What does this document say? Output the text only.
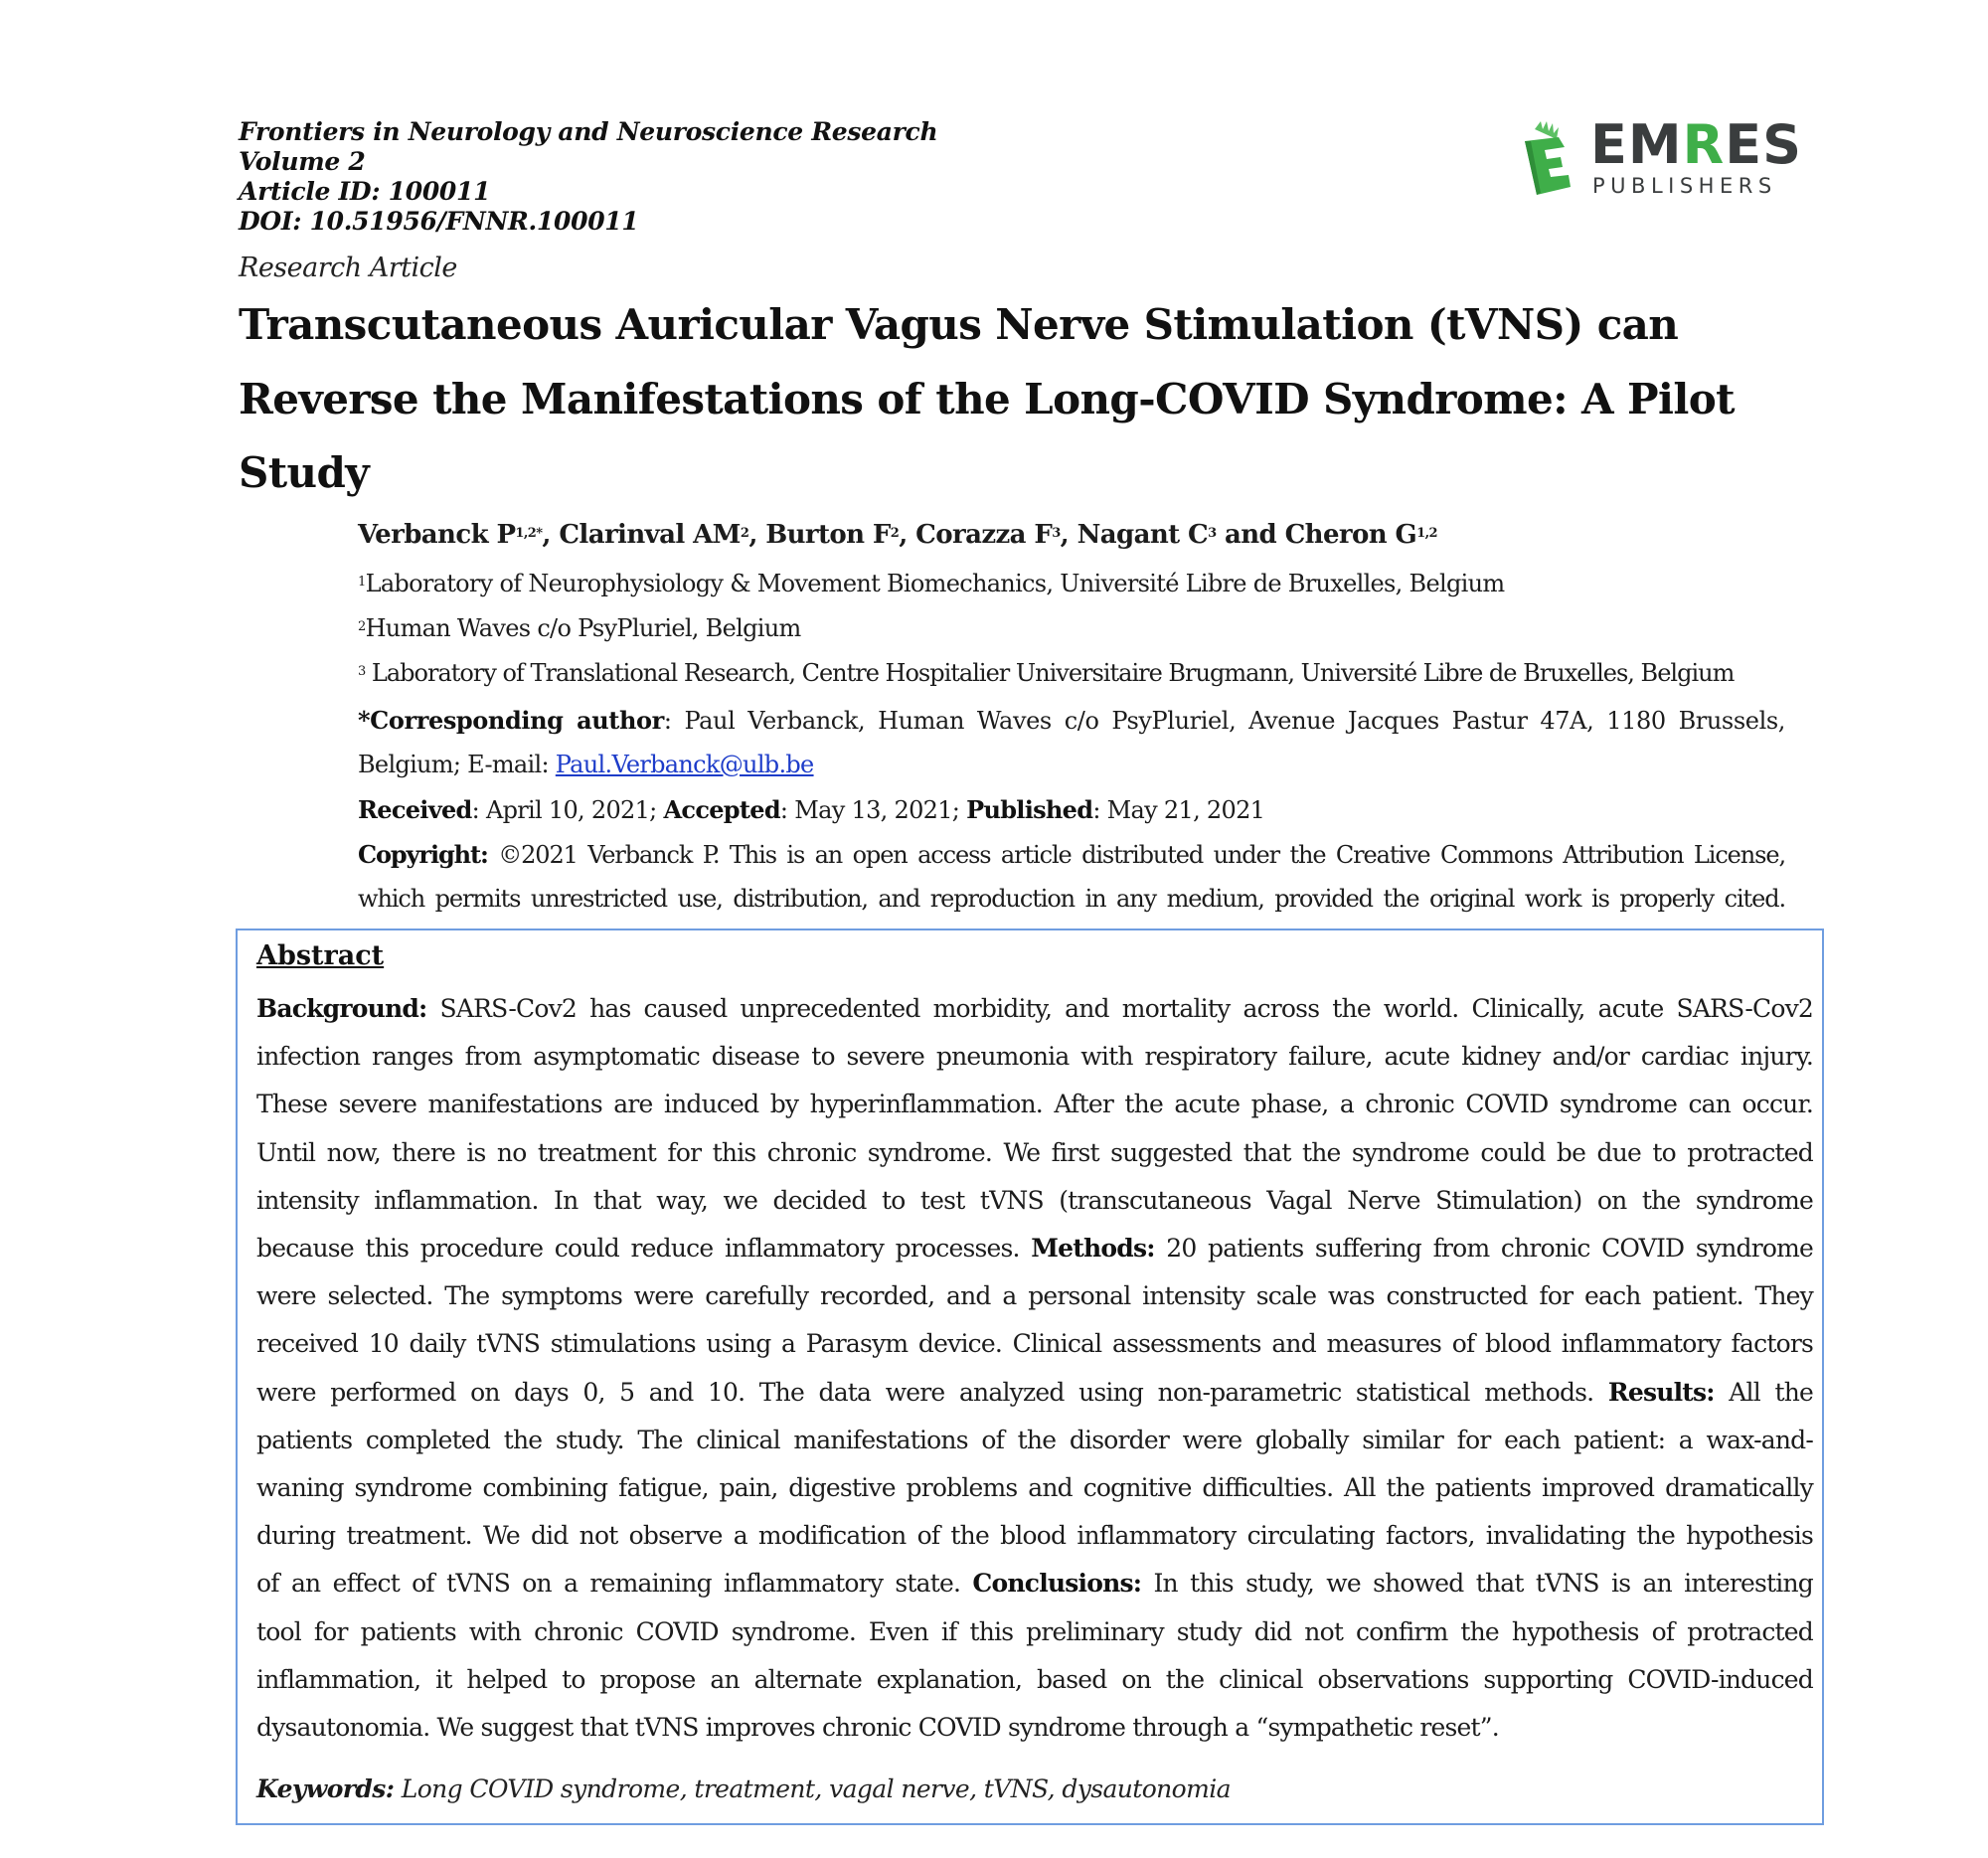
Frontiers in Neurology and Neuroscience Research
Volume 2
Article ID: 100011
DOI: 10.51956/FNNR.100011
Research Article
EMRES
PUBLISHERS
Transcutaneous Auricular Vagus Nerve Stimulation (tVNS) can
Reverse the Manifestations of the Long-COVID Syndrome: A Pilot
Study
Verbanck $P^{1,2*}$, Clarinval $AM^2$, Burton $F^2$, Corazza $F^3$, Nagant $C^3$ and Cheron G$^{1,2}$
$^1$Laboratory of Neurophysiology & Movement Biomechanics, Université Libre de Bruxelles, Belgium
$^2$Human Waves c/o PsyPluriel, Belgium
$^3$ Laboratory of Translational Research, Centre Hospitalier Universitaire Brugmann, Université Libre de Bruxelles, Belgium
*Corresponding author: Paul Verbanck, Human Waves c/o PsyPluriel, Avenue Jacques Pastur 47A, 1180 Brussels,
Belgium; E-mail: Paul.Verbanck@ulb.be
Received: April 10, 2021; Accepted: May 13, 2021; Published: May 21, 2021
Copyright: ©2021 Verbanck P. This is an open access article distributed under the Creative Commons Attribution License,
which permits unrestricted use, distribution, and reproduction in any medium, provided the original work is properly cited.
Abstract
Background: SARS-Cov2 has caused unprecedented morbidity, and mortality across the world. Clinically, acute SARS-Cov2
infection ranges from asymptomatic disease to severe pneumonia with respiratory failure, acute kidney and/or cardiac injury.
These severe manifestations are induced by hyperinflammation. After the acute phase, a chronic COVID syndrome can occur.
Until now, there is no treatment for this chronic syndrome. We first suggested that the syndrome could be due to protracted
intensity inflammation. In that way, we decided to test tVNS (transcutaneous Vagal Nerve Stimulation) on the syndrome
because this procedure could reduce inflammatory processes. Methods: 20 patients suffering from chronic COVID syndrome
were selected. The symptoms were carefully recorded, and a personal intensity scale was constructed for each patient. They
received 10 daily tVNS stimulations using a Parasym device. Clinical assessments and measures of blood inflammatory factors
were performed on days 0, 5 and 10. The data were analyzed using non-parametric statistical methods. Results: All the
patients completed the study. The clinical manifestations of the disorder were globally similar for each patient: a wax-and-
waning syndrome combining fatigue, pain, digestive problems and cognitive difficulties. All the patients improved dramatically
during treatment. We did not observe a modification of the blood inflammatory circulating factors, invalidating the hypothesis
of an effect of tVNS on a remaining inflammatory state. Conclusions: In this study, we showed that tVNS is an interesting
tool for patients with chronic COVID syndrome. Even if this preliminary study did not confirm the hypothesis of protracted
inflammation, it helped to propose an alternate explanation, based on the clinical observations supporting COVID-induced
dysautonomia. We suggest that tVNS improves chronic COVID syndrome through a “sympathetic reset”.
Keywords: Long COVID syndrome, treatment, vagal nerve, tVNS, dysautonomia
